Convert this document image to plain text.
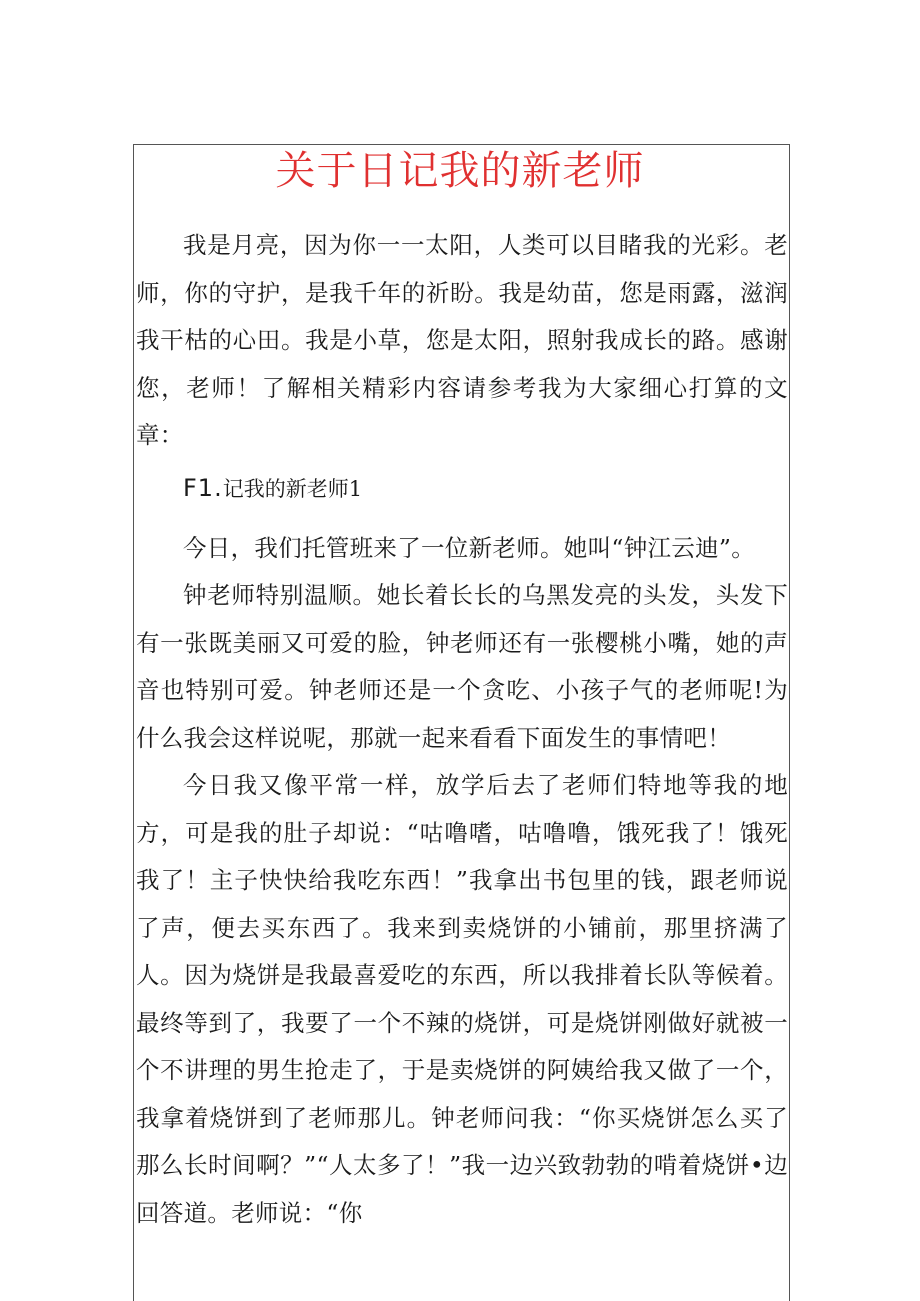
关于日记我的新老师

我是月亮，因为你一一太阳，人类可以目睹我的光彩。老师，你的守护，是我千年的祈盼。我是幼苗，您是雨露，滋润我干枯的心田。我是小草，您是太阳，照射我成长的路。感谢您，老师！了解相关精彩内容请参考我为大家细心打算的文章：

F1.记我的新老师1

今日，我们托管班来了一位新老师。她叫“钟江云迪”。

钟老师特别温顺。她长着长长的乌黑发亮的头发，头发下有一张既美丽又可爱的脸，钟老师还有一张樱桃小嘴，她的声音也特别可爱。钟老师还是一个贪吃、小孩子气的老师呢!为什么我会这样说呢，那就一起来看看下面发生的事情吧！

今日我又像平常一样，放学后去了老师们特地等我的地方，可是我的肚子却说：“咕噜嗜，咕噜噜，饿死我了！饿死我了！主子快快给我吃东西！”我拿出书包里的钱，跟老师说了声，便去买东西了。我来到卖烧饼的小铺前，那里挤满了人。因为烧饼是我最喜爱吃的东西，所以我排着长队等候着。最终等到了，我要了一个不辣的烧饼，可是烧饼刚做好就被一个不讲理的男生抢走了，于是卖烧饼的阿姨给我又做了一个，我拿着烧饼到了老师那儿。钟老师问我：“你买烧饼怎么买了那么长时间啊？”“人太多了！”我一边兴致勃勃的啃着烧饼•边回答道。老师说：“你
